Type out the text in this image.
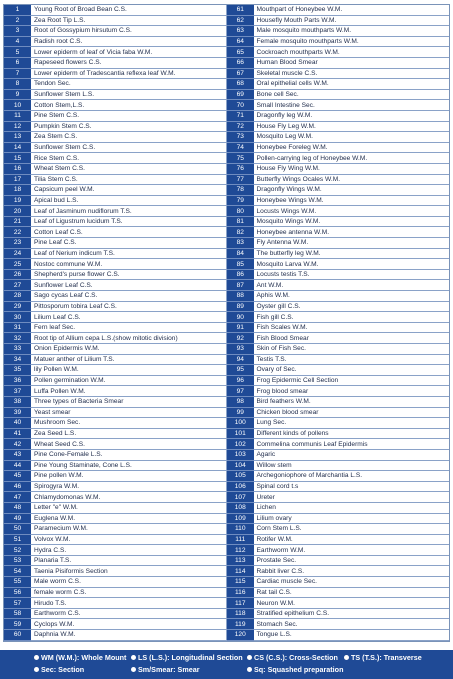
1	Young Root of Broad Bean C.S.	61	Mouthpart of Honeybee W.M.
2	Zea Root Tip L.S.	62	Housefly Mouth Parts W.M.
3	Root of Gossypium hirsutum C.S.	63	Male mosquito mouthparts W.M.
4	Radish root C.S.	64	Female mosquito mouthparts W.M.
5	Lower epiderm of leaf of Vicia faba W.M.	65	Cockroach mouthparts W.M.
6	Rapeseed flowers C.S.	66	Human Blood Smear
7	Lower epiderm of Tradescantia reflexa leaf W.M.	67	Skeletal muscle C.S.
8	Tendon Sec.	68	Oral epithelial cells W.M.
9	Sunflower Stem L.S.	69	Bone cell Sec.
10	Cotton Stem,L.S.	70	Small Intestine Sec.
11	Pine Stem C.S.	71	Dragonfly leg W.M.
12	Pumpkin Stem C.S.	72	House Fly Leg W.M.
13	Zea Stem C.S.	73	Mosquito Leg W.M.
14	Sunflower Stem C.S.	74	Honeybee Foreleg W.M.
15	Rice Stem C.S.	75	Pollen-carrying leg of Honeybee W.M.
16	Wheat Stem C.S.	76	House Fly Wing W.M.
17	Tilia Stem C.S.	77	Butterfly Wings Ocales W.M.
18	Capsicum peel W.M.	78	Dragonfly Wings W.M.
19	Apical bud L.S.	79	Honeybee Wings W.M.
20	Leaf of Jasminum nudiflorum T.S.	80	Locusts Wings W.M.
21	Leaf of Ligustrum lucidum T.S.	81	Mosquito Wings W.M.
22	Cotton Leaf C.S.	82	Honeybee antenna W.M.
23	Pine Leaf C.S.	83	Fly Antenna W.M.
24	Leaf of Nerium indicum T.S.	84	The butterfly leg W.M.
25	Nostoc commune W.M.	85	Mosquito Larva W.M.
26	Shepherd's purse flower C.S.	86	Locusts testis T.S.
27	Sunflower Leaf C.S.	87	Ant W.M.
28	Sago cycas Leaf C.S.	88	Aphis W.M.
29	Pittosporum tobira Leaf C.S.	89	Oyster gill C.S.
30	Lilium Leaf C.S.	90	Fish gill C.S.
31	Fern leaf Sec.	91	Fish Scales W.M.
32	Root tip of Allium cepa L.S.(show mitotic division)	92	Fish Blood Smear
33	Onion Epidermis W.M.	93	Skin of Fish Sec.
34	Matuer anther of Lilium T.S.	94	Testis T.S.
35	lily Pollen W.M.	95	Ovary of Sec.
36	Pollen germination W.M.	96	Frog Epidermic Cell Section
37	Luffa Pollen W.M.	97	Frog blood smear
38	Three types of Bacteria Smear	98	Bird feathers W.M.
39	Yeast smear	99	Chicken blood smear
40	Mushroom Sec.	100	Lung Sec.
41	Zea Seed L.S.	101	Different kinds of pollens
42	Wheat Seed C.S.	102	Commelina communis Leaf Epidermis
43	Pine Cone-Female L.S.	103	Agaric
44	Pine Young Staminate, Cone L.S.	104	Willow stem
45	Pine pollen W.M.	105	Archegoniophore of Marchantia L.S.
46	Spirogyra W.M.	106	Spinal cord t.s
47	Chlamydomonas W.M.	107	Ureter
48	Letter "e" W.M.	108	Lichen
49	Euglena W.M.	109	Lilium ovary
50	Paramecium W.M.	110	Corn Stem L.S.
51	Volvox W.M.	111	Rotifer W.M.
52	Hydra C.S.	112	Earthworm W.M.
53	Planaria T.S.	113	Prostate Sec.
54	Taenia Pisiformis Section	114	Rabbit liver C.S.
55	Male worm C.S.	115	Cardiac muscle Sec.
56	female worm C.S.	116	Rat tail C.S.
57	Hirudo T.S.	117	Neuron W.M.
58	Earthworm C.S.	118	Stratified epithelium C.S.
59	Cyclops W.M.	119	Stomach Sec.
60	Daphnia W.M.	120	Tongue L.S.
WM (W.M.): Whole Mount	LS (L.S.): Longitudinal Section	CS (C.S.): Cross-Section	TS (T.S.): Transverse
Sec: Section	Sm/Smear: Smear	Sq: Squashed preparation
